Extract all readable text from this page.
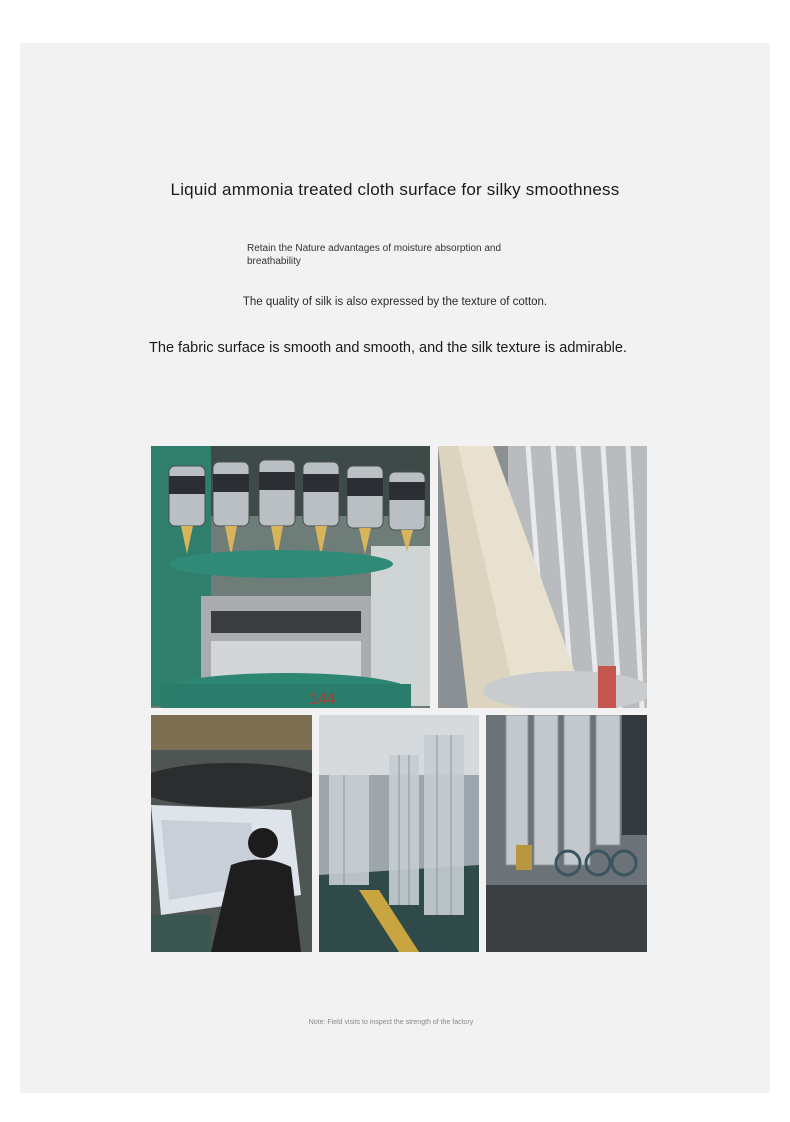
Liquid ammonia treated cloth surface for silky smoothness
Retain the Nature advantages of moisture absorption and breathability
The quality of silk is also expressed by the texture of cotton.
The fabric surface is smooth and smooth, and the silk texture is admirable.
144
Note: Field visits to inspect the strength of the factory
